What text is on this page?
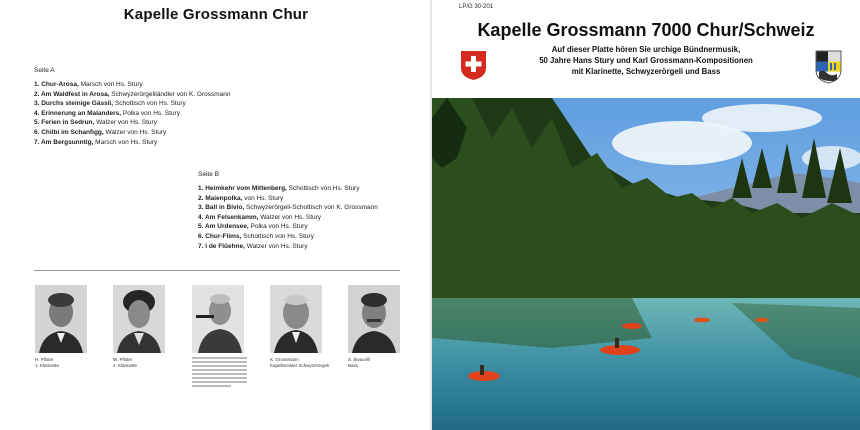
Kapelle Grossmann Chur
Seite A
1. Chur-Arosa, Marsch von Hs. Stury
2. Am Waldfest in Arosa, Schwyzerörgeliländler von K. Grossmann
3. Durchs steinige Gässli, Schottisch von Hs. Stury
4. Erinnerung an Malanders, Polka von Hs. Stury
5. Ferien in Sedrun, Walzer von Hs. Stury
6. Chilbi im Schanfigg, Walzer von Hs. Stury
7. Am Bergsunntig, Marsch von Hs. Stury
Seite B
1. Heimkehr vom Mittenberg, Schottisch von Hs. Stury
2. Maienpolka, von Hs. Stury
3. Ball in Bivio, Schwyzerörgeli-Schottisch von K. Grossmann
4. Am Felsenkamm, Walzer von Hs. Stury
5. Am Urdensee, Polka von Hs. Stury
6. Chur-Flims, Schottisch von Hs. Stury
7. I de Flüehne, Walzer von Hs. Stury
H. Pfister
1. Klarinette
W. Pfister
2. Klarinette
K. Grossmann
Kapellmeister Schwyzerörgeli
S. Bivacelli
Bass
LP/G 30-201
Kapelle Grossmann 7000 Chur/Schweiz
Auf dieser Platte hören Sie urchige Bündnermusik,
50 Jahre Hans Stury und Karl Grossmann-Kompositionen
mit Klarinette, Schwyzerörgeli und Bass
